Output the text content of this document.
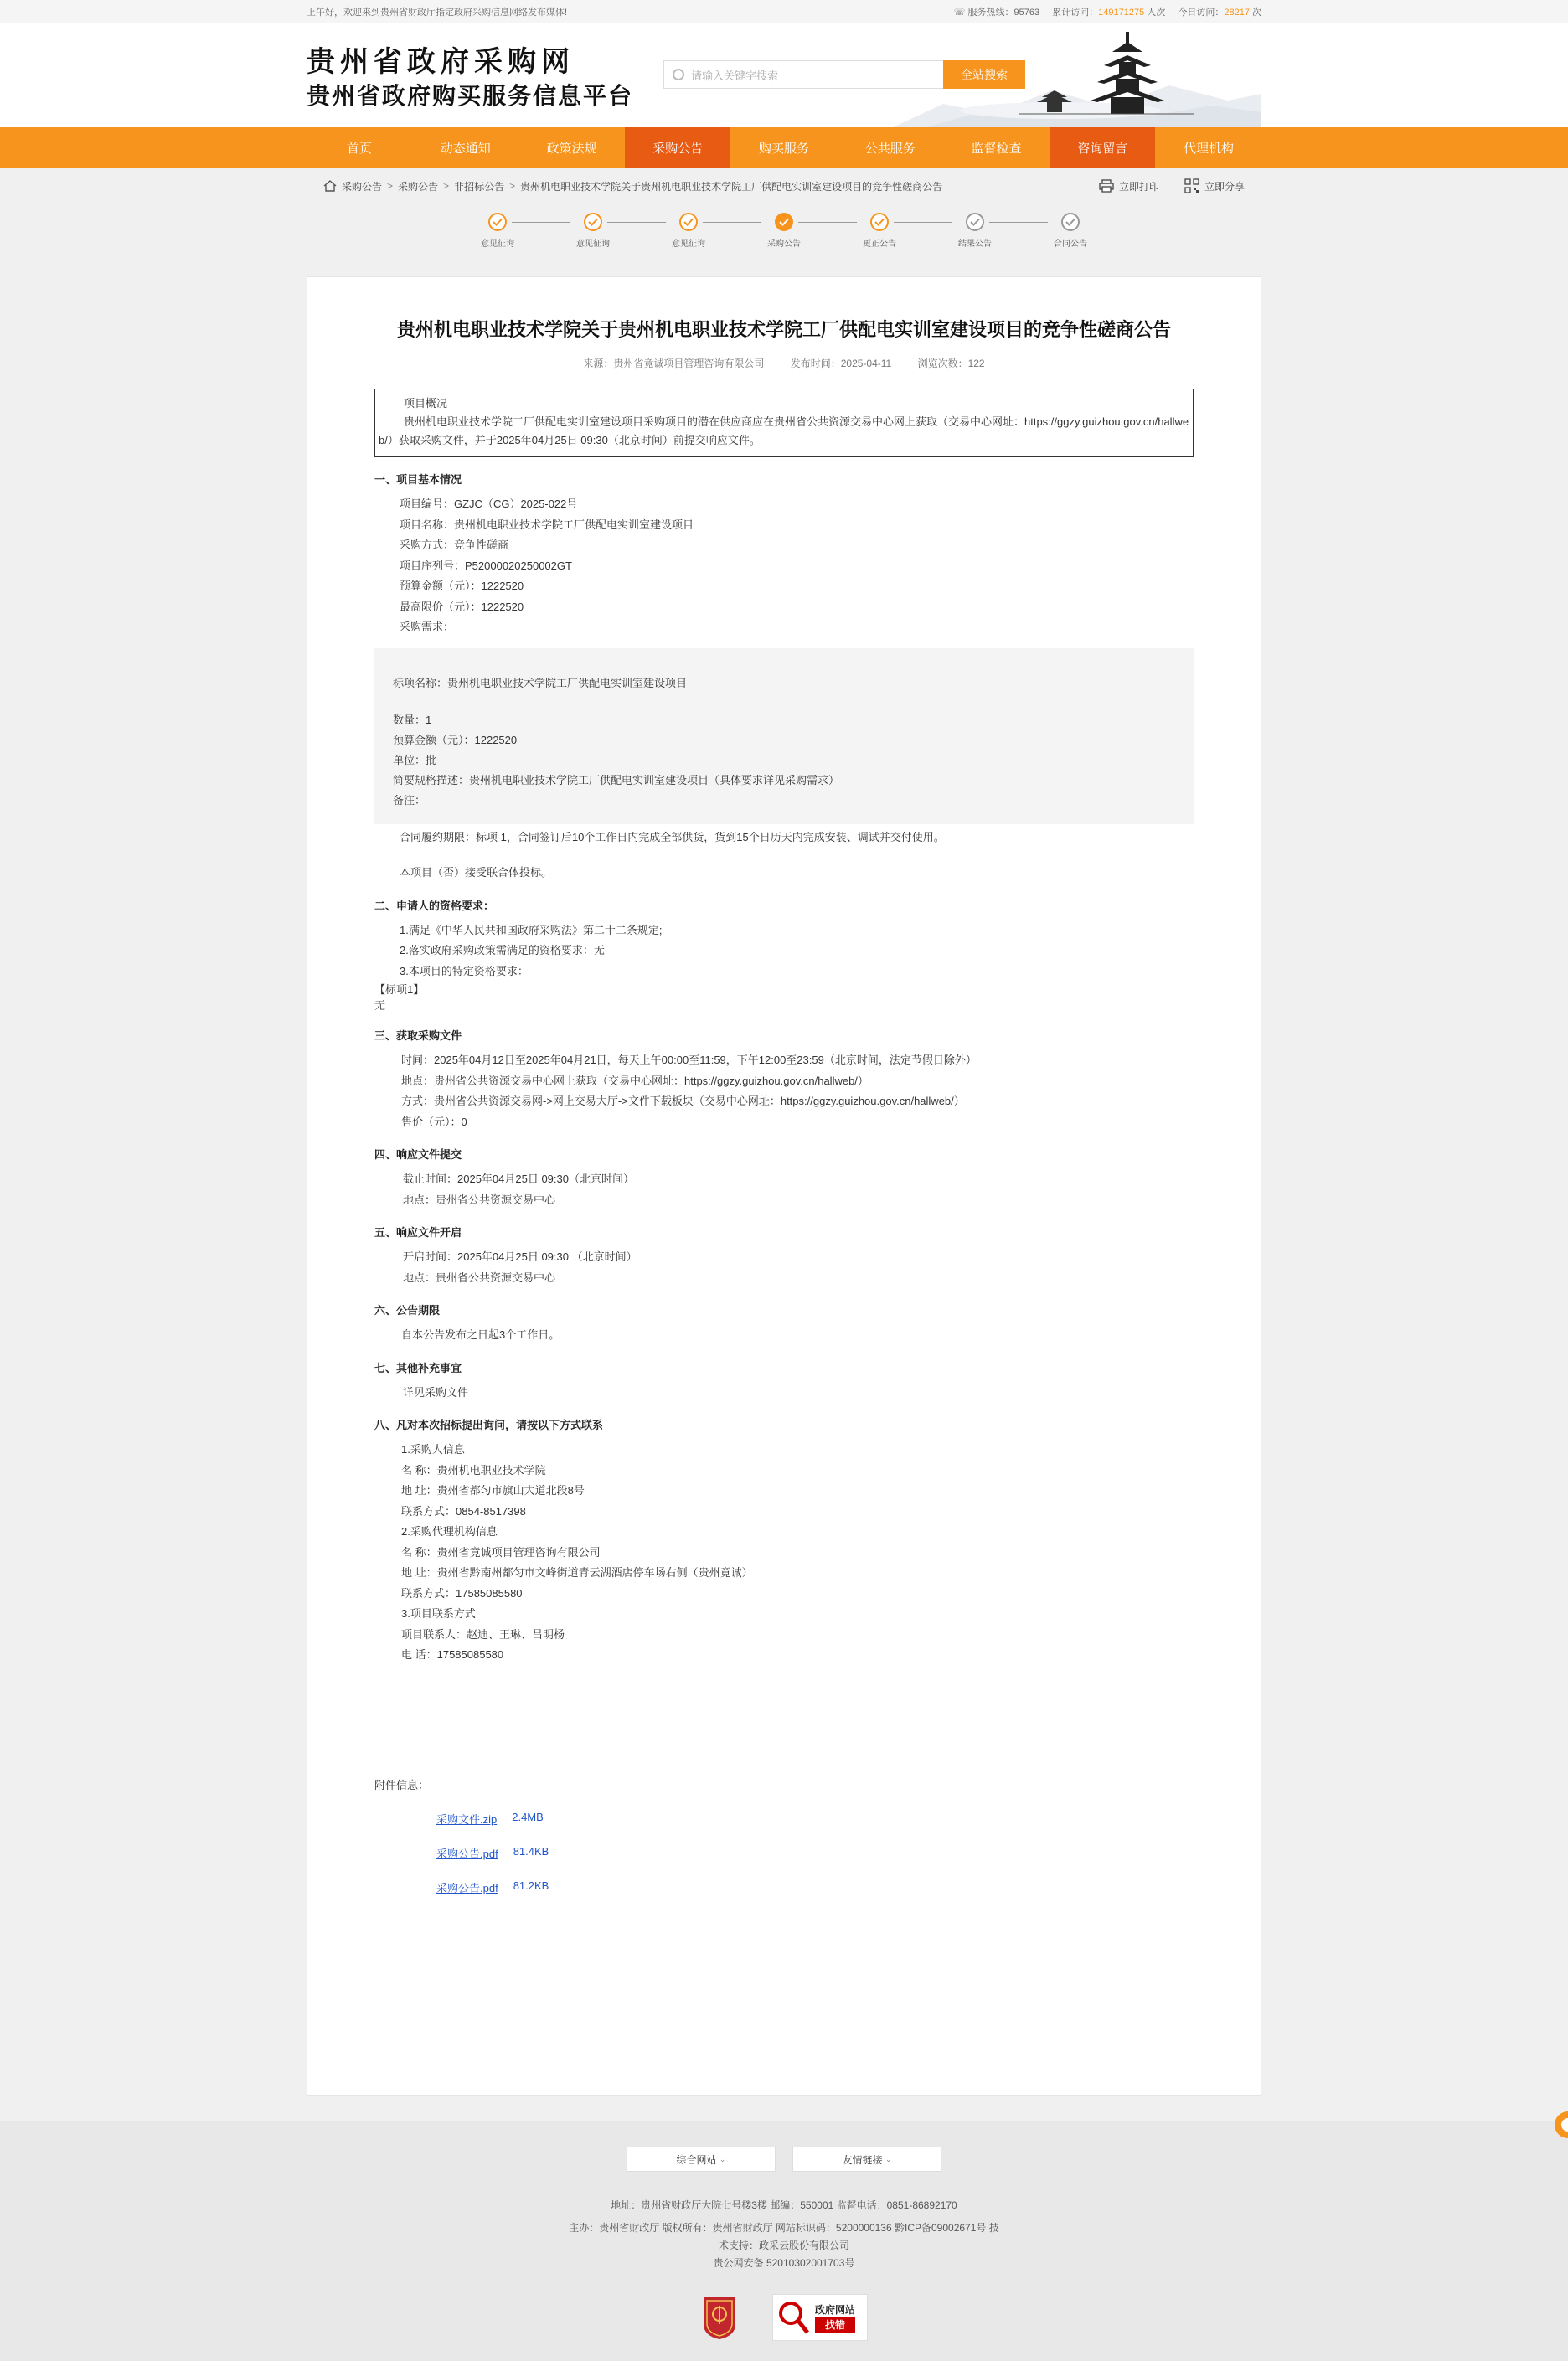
上午好，欢迎来到贵州省财政厅指定政府采购信息网络发布媒体!	☏ 服务热线：95763 累计访问：149171275 人次 今日访问：28217 次
贵州省政府采购网
贵州省政府购买服务信息平台
请输入关键字搜索	全站搜索
首页	动态通知	政策法规	采购公告	购买服务	公共服务	监督检查	咨询留言	代理机构
采购公告 > 采购公告 > 非招标公告 > 贵州机电职业技术学院关于贵州机电职业技术学院工厂供配电实训室建设项目的竞争性磋商公告	立即打印	立即分享
意见征询	意见征询	意见征询	采购公告	更正公告	结果公告	合同公告
贵州机电职业技术学院关于贵州机电职业技术学院工厂供配电实训室建设项目的竞争性磋商公告
来源：贵州省竟诚项目管理咨询有限公司	发布时间：2025-04-11	浏览次数：122
项目概况
贵州机电职业技术学院工厂供配电实训室建设项目采购项目的潜在供应商应在贵州省公共资源交易中心网上获取（交易中心网址：https://ggzy.guizhou.gov.cn/hallweb/）获取采购文件，并于2025年04月25日 09:30（北京时间）前提交响应文件。
一、项目基本情况
项目编号：GZJC（CG）2025-022号
项目名称：贵州机电职业技术学院工厂供配电实训室建设项目
采购方式：竞争性磋商
项目序列号：P52000020250002GT
预算金额（元）：1222520
最高限价（元）：1222520
采购需求：
标项名称：贵州机电职业技术学院工厂供配电实训室建设项目
数量：1
预算金额（元）：1222520
单位：批
简要规格描述：贵州机电职业技术学院工厂供配电实训室建设项目（具体要求详见采购需求）
备注：
合同履约期限：标项 1，合同签订后10个工作日内完成全部供货，货到15个日历天内完成安装、调试并交付使用。
本项目（否）接受联合体投标。
二、申请人的资格要求：
1.满足《中华人民共和国政府采购法》第二十二条规定;
2.落实政府采购政策需满足的资格要求：无
3.本项目的特定资格要求：
【标项1】
无
三、获取采购文件
时间：2025年04月12日至2025年04月21日，每天上午00:00至11:59，下午12:00至23:59（北京时间，法定节假日除外）
地点：贵州省公共资源交易中心网上获取（交易中心网址：https://ggzy.guizhou.gov.cn/hallweb/）
方式：贵州省公共资源交易网->网上交易大厅->文件下载板块（交易中心网址：https://ggzy.guizhou.gov.cn/hallweb/）
售价（元）：0
四、响应文件提交
截止时间：2025年04月25日 09:30（北京时间）
地点：贵州省公共资源交易中心
五、响应文件开启
开启时间：2025年04月25日 09:30 （北京时间）
地点：贵州省公共资源交易中心
六、公告期限
自本公告发布之日起3个工作日。
七、其他补充事宜
详见采购文件
八、凡对本次招标提出询问，请按以下方式联系
1.采购人信息
名 称：贵州机电职业技术学院
地 址：贵州省都匀市旗山大道北段8号
联系方式：0854-8517398
2.采购代理机构信息
名 称：贵州省竟诚项目管理咨询有限公司
地 址：贵州省黔南州都匀市文峰街道青云湖酒店停车场右侧（贵州竟诚）
联系方式：17585085580
3.项目联系方式
项目联系人：赵迪、王琳、吕明杨
电 话：17585085580
附件信息：
采购文件.zip 2.4MB
采购公告.pdf 81.4KB
采购公告.pdf 81.2KB
综合网站
⌄	友情链接
⌄
地址：贵州省财政厅大院七号楼3楼 邮编：550001 监督电话：0851-86892170
主办：贵州省财政厅 版权所有：贵州省财政厅 网站标识码：5200000136 黔ICP备09002671号 技
术支持：政采云股份有限公司
贵公网安备 52010302001703号
政府网站
找错
